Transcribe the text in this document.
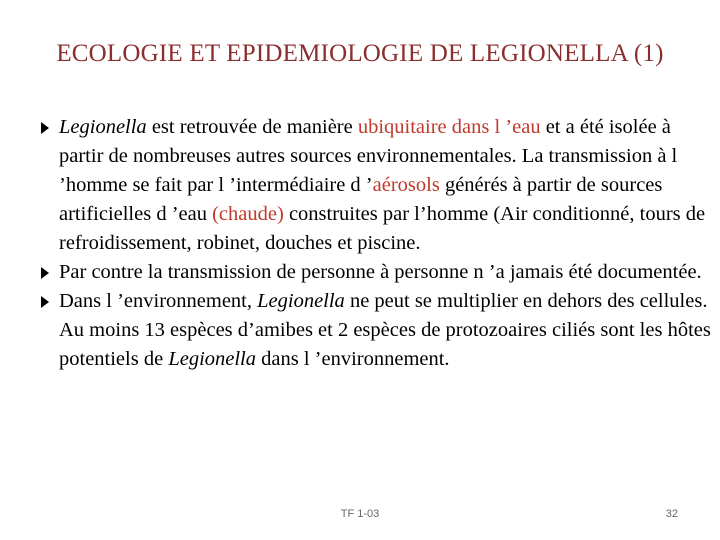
ECOLOGIE ET EPIDEMIOLOGIE DE LEGIONELLA (1)
Legionella est retrouvée de manière ubiquitaire dans l ’eau et a été isolée à partir de nombreuses autres sources environnementales. La transmission à l ’homme se fait par l ’intermédiaire d ’aérosols générés à partir de sources artificielles d ’eau (chaude) construites par l’homme (Air conditionné, tours de refroidissement, robinet, douches et piscine.
Par contre la transmission de personne à personne n ’a jamais été documentée.
Dans l ’environnement, Legionella ne peut se multiplier en dehors des cellules. Au moins 13 espèces d’amibes et 2 espèces de protozoaires ciliés sont les hôtes potentiels de Legionella dans l ’environnement.
TF 1-03	32
